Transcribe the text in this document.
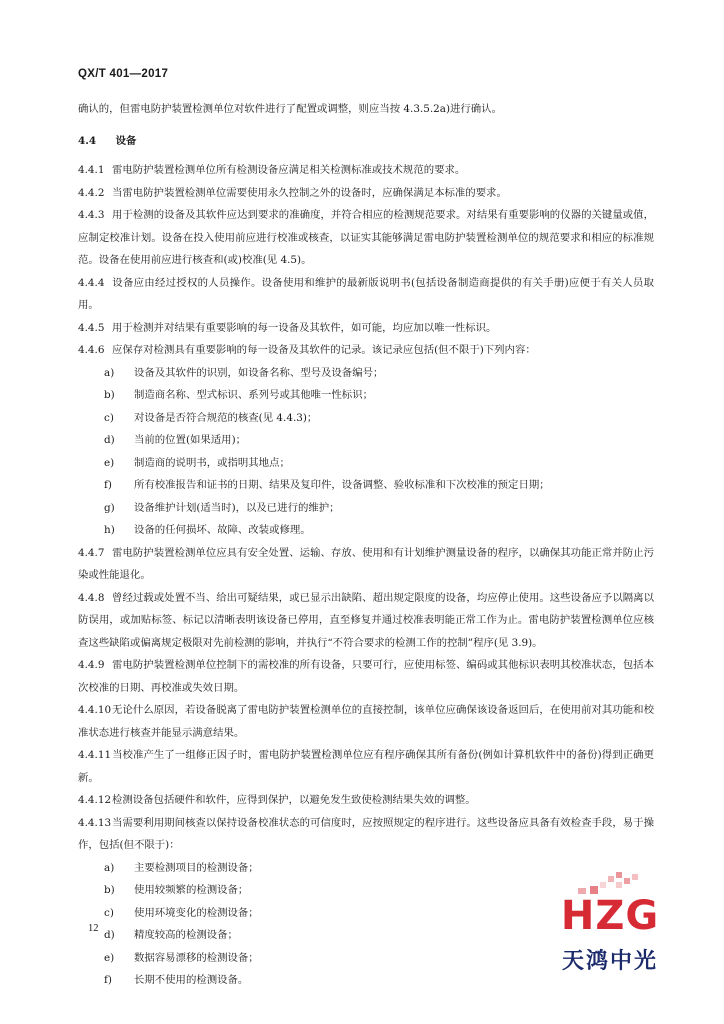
QX/T 401—2017

确认的，但雷电防护装置检测单位对软件进行了配置或调整，则应当按 4.3.5.2a)进行确认。

4.4 设备

4.4.1 雷电防护装置检测单位所有检测设备应满足相关检测标准或技术规范的要求。

4.4.2 当雷电防护装置检测单位需要使用永久控制之外的设备时，应确保满足本标准的要求。

4.4.3 用于检测的设备及其软件应达到要求的准确度，并符合相应的检测规范要求。对结果有重要影响的仪器的关键量或值，应制定校准计划。设备在投入使用前应进行校准或核查，以证实其能够满足雷电防护装置检测单位的规范要求和相应的标准规范。设备在使用前应进行核查和(或)校准(见 4.5)。

4.4.4 设备应由经过授权的人员操作。设备使用和维护的最新版说明书(包括设备制造商提供的有关手册)应便于有关人员取用。

4.4.5 用于检测并对结果有重要影响的每一设备及其软件，如可能，均应加以唯一性标识。

4.4.6 应保存对检测具有重要影响的每一设备及其软件的记录。该记录应包括(但不限于)下列内容：

a) 设备及其软件的识别，如设备名称、型号及设备编号；

b) 制造商名称、型式标识、系列号或其他唯一性标识；

c) 对设备是否符合规范的核查(见 4.4.3)；

d) 当前的位置(如果适用)；

e) 制造商的说明书，或指明其地点；

f) 所有校准报告和证书的日期、结果及复印件，设备调整、验收标准和下次校准的预定日期；

g) 设备维护计划(适当时)，以及已进行的维护；

h) 设备的任何损坏、故障、改装或修理。

4.4.7 雷电防护装置检测单位应具有安全处置、运输、存放、使用和有计划维护测量设备的程序，以确保其功能正常并防止污染或性能退化。

4.4.8 曾经过载或处置不当、给出可疑结果，或已显示出缺陷、超出规定限度的设备，均应停止使用。这些设备应予以隔离以防误用，或加贴标签、标记以清晰表明该设备已停用，直至修复并通过校准表明能正常工作为止。雷电防护装置检测单位应核查这些缺陷或偏离规定极限对先前检测的影响，并执行“不符合要求的检测工作的控制”程序(见 3.9)。

4.4.9 雷电防护装置检测单位控制下的需校准的所有设备，只要可行，应使用标签、编码或其他标识表明其校准状态，包括本次校准的日期、再校准或失效日期。

4.4.10无论什么原因，若设备脱离了雷电防护装置检测单位的直接控制，该单位应确保该设备返回后，在使用前对其功能和校准状态进行核查并能显示满意结果。

4.4.11当校准产生了一组修正因子时，雷电防护装置检测单位应有程序确保其所有备份(例如计算机软件中的备份)得到正确更新。

4.4.12检测设备包括硬件和软件，应得到保护，以避免发生致使检测结果失效的调整。

4.4.13当需要利用期间核查以保持设备校准状态的可信度时，应按照规定的程序进行。这些设备应具备有效检查手段，易于操作，包括(但不限于)：

a) 主要检测项目的检测设备；

b) 使用较频繁的检测设备；

c) 使用环境变化的检测设备；

d) 精度较高的检测设备；

e) 数据容易漂移的检测设备；

f) 长期不使用的检测设备。

12	HZG
天鸿中光
